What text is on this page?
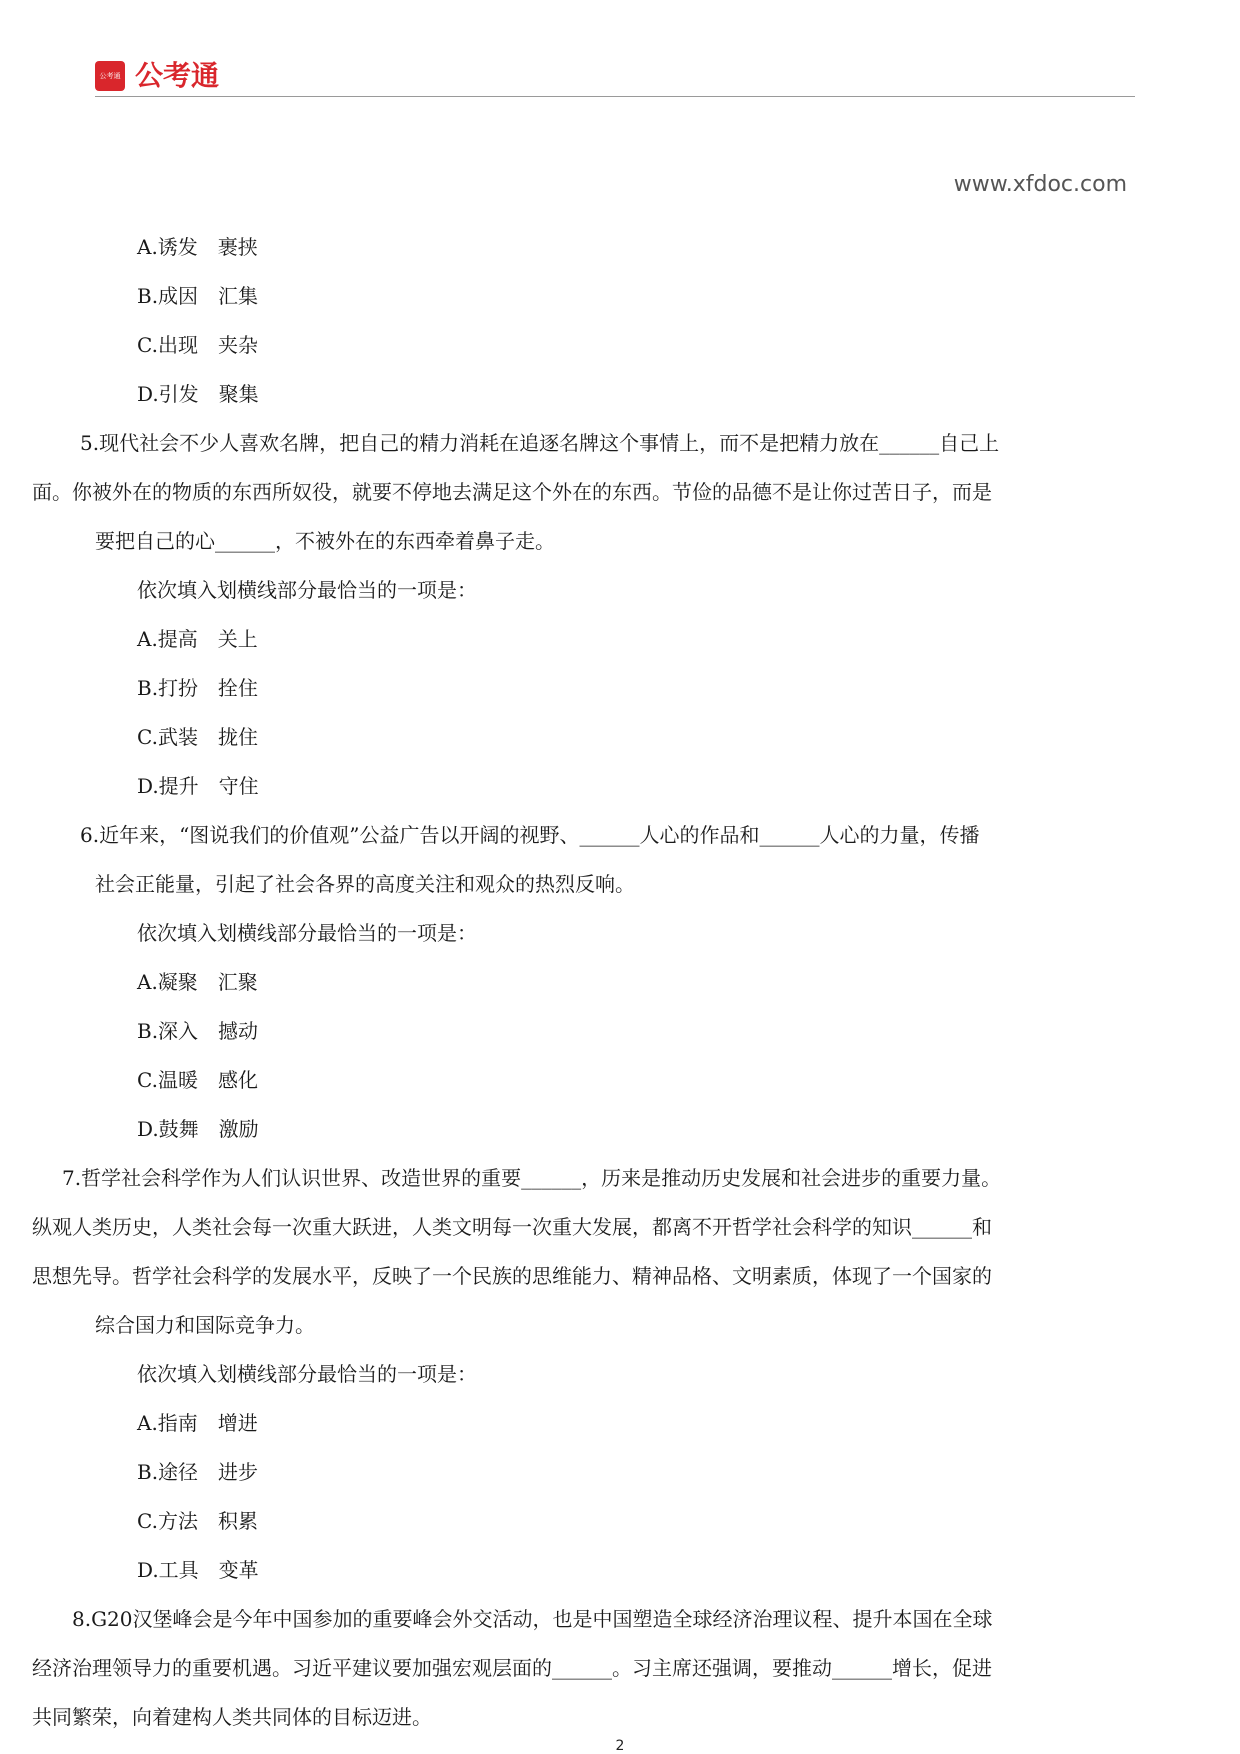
公考通 公考通
www.xfdoc.com
A.诱发　裹挟
B.成因　汇集
C.出现　夹杂
D.引发　聚集
5.现代社会不少人喜欢名牌，把自己的精力消耗在追逐名牌这个事情上，而不是把精力放在______自己上
面。你被外在的物质的东西所奴役，就要不停地去满足这个外在的东西。节俭的品德不是让你过苦日子，而是
要把自己的心______，不被外在的东西牵着鼻子走。
依次填入划横线部分最恰当的一项是：
A.提高　关上
B.打扮　拴住
C.武装　拢住
D.提升　守住
6.近年来，“图说我们的价值观”公益广告以开阔的视野、______人心的作品和______人心的力量，传播
社会正能量，引起了社会各界的高度关注和观众的热烈反响。
依次填入划横线部分最恰当的一项是：
A.凝聚　汇聚
B.深入　撼动
C.温暖　感化
D.鼓舞　激励
7.哲学社会科学作为人们认识世界、改造世界的重要______，历来是推动历史发展和社会进步的重要力量。
纵观人类历史，人类社会每一次重大跃进，人类文明每一次重大发展，都离不开哲学社会科学的知识______和
思想先导。哲学社会科学的发展水平，反映了一个民族的思维能力、精神品格、文明素质，体现了一个国家的
综合国力和国际竞争力。
依次填入划横线部分最恰当的一项是：
A.指南　增进
B.途径　进步
C.方法　积累
D.工具　变革
8.G20汉堡峰会是今年中国参加的重要峰会外交活动，也是中国塑造全球经济治理议程、提升本国在全球
经济治理领导力的重要机遇。习近平建议要加强宏观层面的______。习主席还强调，要推动______增长，促进
共同繁荣，向着建构人类共同体的目标迈进。
2
